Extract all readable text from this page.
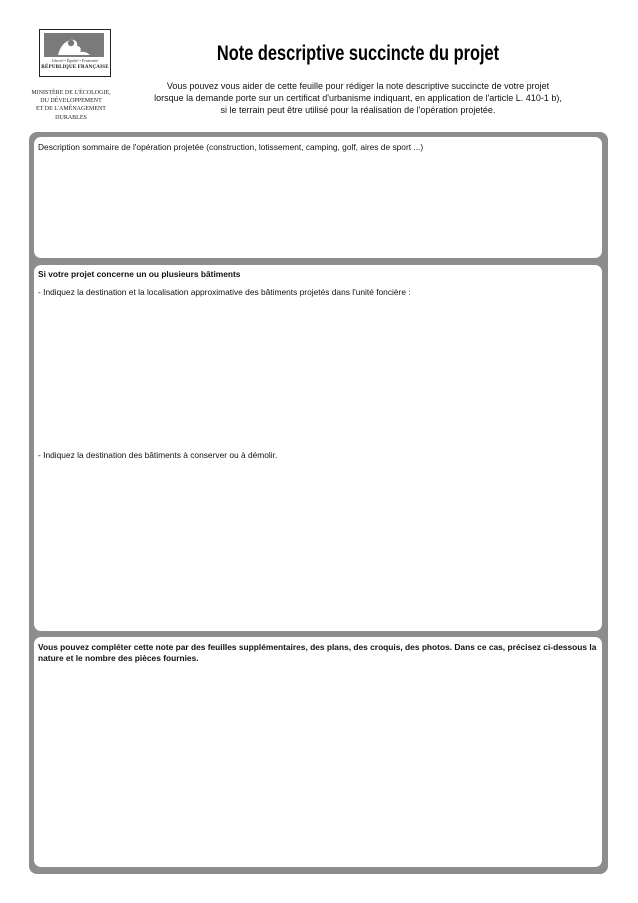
Liberté • Égalité • Fraternité
RÉPUBLIQUE FRANÇAISE
MINISTÈRE DE L'ÉCOLOGIE,
DU DÉVELOPPEMENT
ET DE L'AMÉNAGEMENT
DURABLES
Note descriptive succincte du projet
Vous pouvez vous aider de cette feuille pour rédiger la note descriptive succincte de votre projet
lorsque la demande porte sur un certificat d'urbanisme indiquant, en application de l'article L. 410-1 b),
si le terrain peut être utilisé pour la réalisation de l'opération projetée.
Description sommaire de l'opération projetée (construction, lotissement, camping, golf, aires de sport ...)
Si votre projet concerne un ou plusieurs bâtiments
- Indiquez la destination et la localisation approximative des bâtiments projetés dans l'unité foncière :
- Indiquez la destination des bâtiments à conserver ou à démolir.
Vous pouvez compléter cette note par des feuilles supplémentaires, des plans, des croquis, des photos. Dans ce cas, précisez ci-dessous la nature et le nombre des pièces fournies.
